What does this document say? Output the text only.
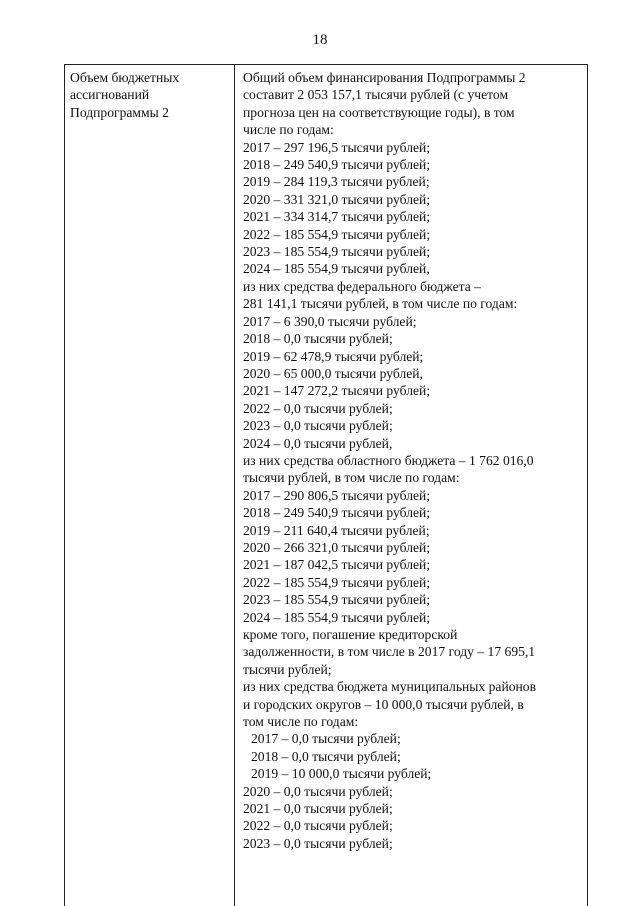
18
Объем бюджетных
ассигнований
Подпрограммы 2
Общий объем финансирования Подпрограммы 2
составит 2 053 157,1 тысячи рублей (с учетом
прогноза цен на соответствующие годы), в том
числе по годам:
2017 – 297 196,5 тысячи рублей;
2018 – 249 540,9 тысячи рублей;
2019 – 284 119,3 тысячи рублей;
2020 – 331 321,0 тысячи рублей;
2021 – 334 314,7 тысячи рублей;
2022 – 185 554,9 тысячи рублей;
2023 – 185 554,9 тысячи рублей;
2024 – 185 554,9 тысячи рублей,
из них средства федерального бюджета –
281 141,1 тысячи рублей, в том числе по годам:
2017 – 6 390,0 тысячи рублей;
2018 – 0,0 тысячи рублей;
2019 – 62 478,9 тысячи рублей;
2020 – 65 000,0 тысячи рублей,
2021 – 147 272,2 тысячи рублей;
2022 – 0,0 тысячи рублей;
2023 – 0,0 тысячи рублей;
2024 – 0,0 тысячи рублей,
из них средства областного бюджета – 1 762 016,0
тысячи рублей, в том числе по годам:
2017 – 290 806,5 тысячи рублей;
2018 – 249 540,9 тысячи рублей;
2019 – 211 640,4 тысячи рублей;
2020 – 266 321,0 тысячи рублей;
2021 – 187 042,5 тысячи рублей;
2022 – 185 554,9 тысячи рублей;
2023 – 185 554,9 тысячи рублей;
2024 – 185 554,9 тысячи рублей;
кроме того, погашение кредиторской
задолженности, в том числе в 2017 году – 17 695,1
тысячи рублей;
из них средства бюджета муниципальных районов
и городских округов – 10 000,0 тысячи рублей, в
том числе по годам:
2017 – 0,0 тысячи рублей;
2018 – 0,0 тысячи рублей;
2019 – 10 000,0 тысячи рублей;
2020 – 0,0 тысячи рублей;
2021 – 0,0 тысячи рублей;
2022 – 0,0 тысячи рублей;
2023 – 0,0 тысячи рублей;
